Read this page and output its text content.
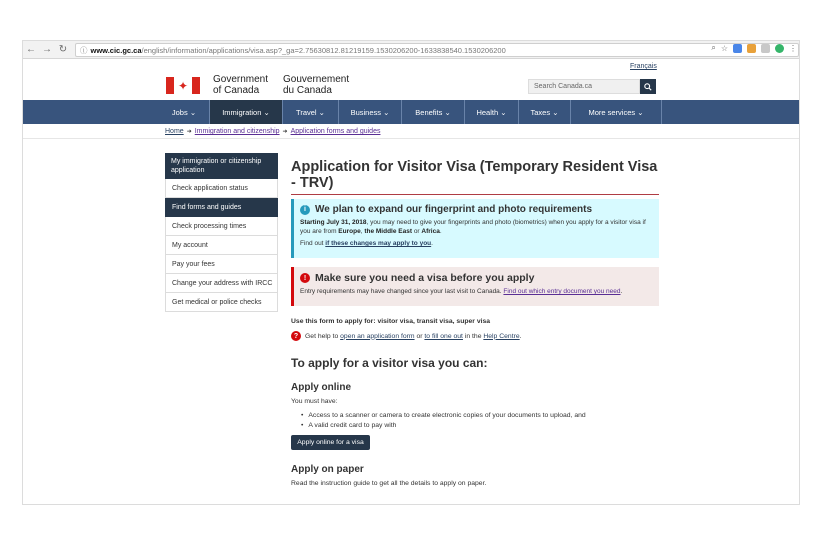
← → ↻	ⓘ www.cic.gc.ca /english/information/applications/visa.asp?_ga=2.75630812.81219159.1530206200-1633838540.1530206200	⌕ ☆	⋮
Français
✦ Government
of Canada
Gouvernement
du Canada	Search Canada.ca
Jobs ⌄	Immigration ⌄	Travel ⌄	Business ⌄	Benefits ⌄	Health ⌄	Taxes ⌄	More services ⌄
Home ➜ Immigration and citizenship ➜ Application forms and guides
My immigration or citizenship application
Check application status
Find forms and guides
Check processing times
My account
Pay your fees
Change your address with IRCC
Get medical or police checks
Application for Visitor Visa (Temporary Resident Visa - TRV)
i We plan to expand our fingerprint and photo requirements
Starting July 31, 2018, you may need to give your fingerprints and photo (biometrics) when you apply for a visitor visa if you are from Europe, the Middle East or Africa.
Find out if these changes may apply to you.
! Make sure you need a visa before you apply
Entry requirements may have changed since your last visit to Canada. Find out which entry document you need.
Use this form to apply for: visitor visa, transit visa, super visa
?	Get help to open an application form or to fill one out in the Help Centre.
To apply for a visitor visa you can:
Apply online
You must have:
• Access to a scanner or camera to create electronic copies of your documents to upload, and
• A valid credit card to pay with
Apply online for a visa
Apply on paper
Read the instruction guide to get all the details to apply on paper.
